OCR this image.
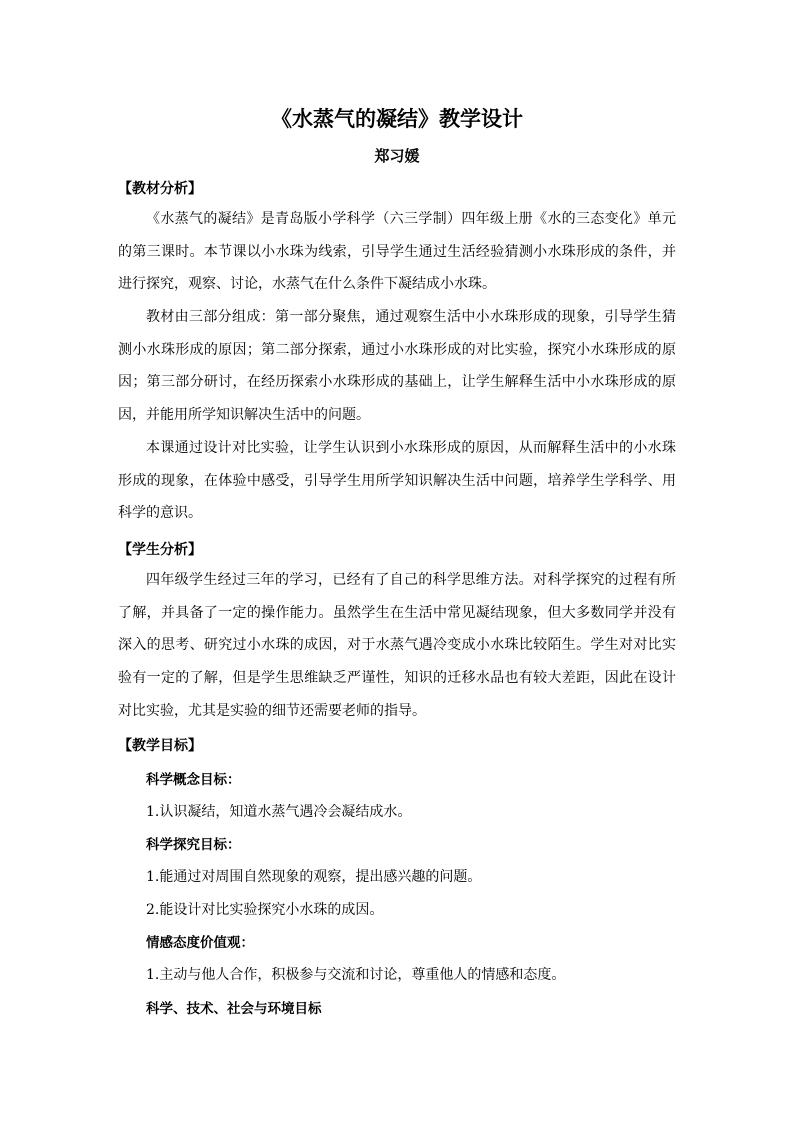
《水蒸气的凝结》教学设计
郑习媛
【教材分析】

《水蒸气的凝结》是青岛版小学科学（六三学制）四年级上册《水的三态变化》单元的第三课时。本节课以小水珠为线索，引导学生通过生活经验猜测小水珠形成的条件，并进行探究，观察、讨论，水蒸气在什么条件下凝结成小水珠。

教材由三部分组成：第一部分聚焦，通过观察生活中小水珠形成的现象，引导学生猜测小水珠形成的原因；第二部分探索，通过小水珠形成的对比实验，探究小水珠形成的原因；第三部分研讨，在经历探索小水珠形成的基础上，让学生解释生活中小水珠形成的原因，并能用所学知识解决生活中的问题。

本课通过设计对比实验，让学生认识到小水珠形成的原因，从而解释生活中的小水珠形成的现象，在体验中感受，引导学生用所学知识解决生活中问题，培养学生学科学、用科学的意识。

【学生分析】

四年级学生经过三年的学习，已经有了自己的科学思维方法。对科学探究的过程有所了解，并具备了一定的操作能力。虽然学生在生活中常见凝结现象，但大多数同学并没有深入的思考、研究过小水珠的成因，对于水蒸气遇冷变成小水珠比较陌生。学生对对比实验有一定的了解，但是学生思维缺乏严谨性，知识的迁移水品也有较大差距，因此在设计对比实验，尤其是实验的细节还需要老师的指导。

【教学目标】
科学概念目标：
1.认识凝结，知道水蒸气遇冷会凝结成水。
科学探究目标：
1.能通过对周围自然现象的观察，提出感兴趣的问题。
2.能设计对比实验探究小水珠的成因。
情感态度价值观：
1.主动与他人合作，积极参与交流和讨论，尊重他人的情感和态度。
科学、技术、社会与环境目标
